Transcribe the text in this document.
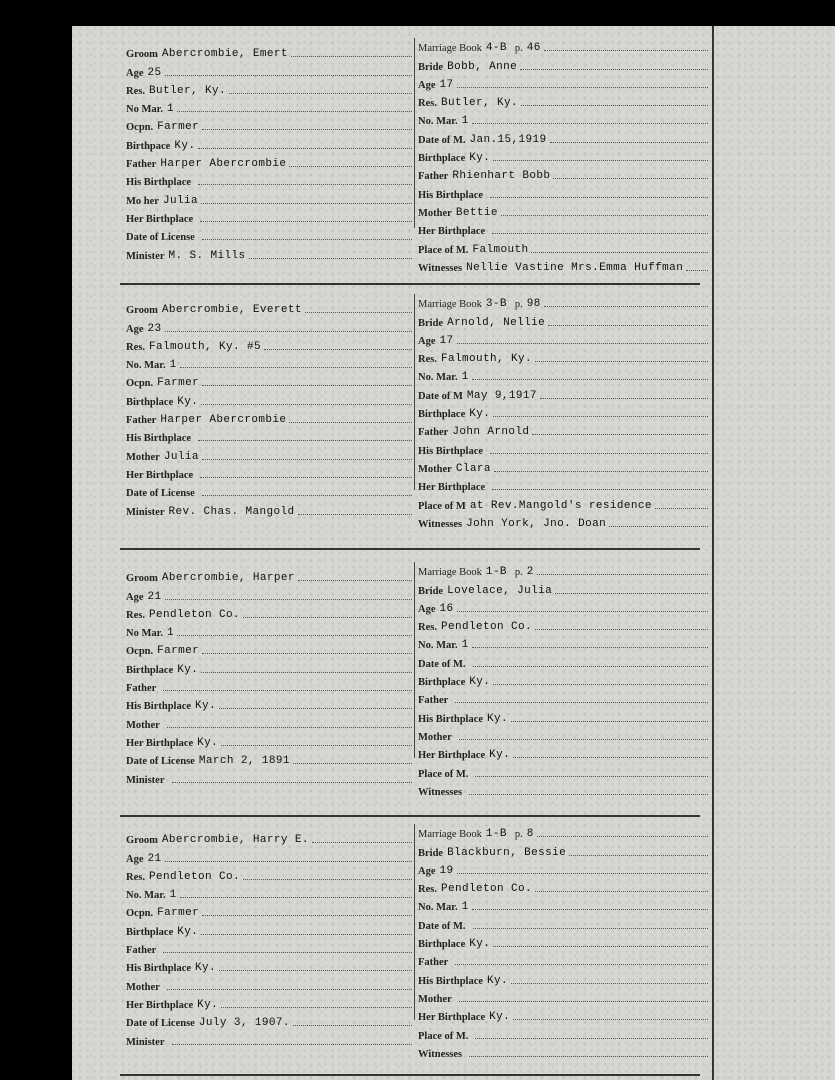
Groom Abercrombie, Emert
Age 25
Res. Butler, Ky.
No Mar. 1
Ocpn. Farmer
Birthpace Ky.
Father Harper Abercrombie
His Birthplace
Mo her Julia
Her Birthplace
Date of License
Minister M. S. Mills
Marriage Book 4-B p. 46
Bride Bobb, Anne
Age 17
Res. Butler, Ky.
No. Mar. 1
Date of M. Jan.15,1919
Birthplace Ky.
Father Rhienhart Bobb
His Birthplace
Mother Bettie
Her Birthplace
Place of M. Falmouth
Witnesses Nellie Vastine Mrs.Emma Huffman
Groom Abercrombie, Everett
Age 23
Res. Falmouth, Ky. #5
No. Mar. 1
Ocpn. Farmer
Birthplace Ky.
Father Harper Abercrombie
His Birthplace
Mother Julia
Her Birthplace
Date of License
Minister Rev. Chas. Mangold
Marriage Book 3-B p. 98
Bride Arnold, Nellie
Age 17
Res. Falmouth, Ky.
No. Mar. 1
Date of M May 9,1917
Birthplace Ky.
Father John Arnold
His Birthplace
Mother Clara
Her Birthplace
Place of M at Rev.Mangold's residence
Witnesses John York, Jno. Doan
Groom Abercrombie, Harper
Age 21
Res. Pendleton Co.
No Mar. 1
Ocpn. Farmer
Birthplace Ky.
Father
His Birthplace Ky.
Mother
Her Birthplace Ky.
Date of License March 2, 1891
Minister
Marriage Book 1-B p. 2
Bride Lovelace, Julia
Age 16
Res. Pendleton Co.
No. Mar. 1
Date of M.
Birthplace Ky.
Father
His Birthplace Ky.
Mother
Her Birthplace Ky.
Place of M.
Witnesses
Groom Abercrombie, Harry E.
Age 21
Res. Pendleton Co.
No. Mar. 1
Ocpn. Farmer
Birthplace Ky.
Father
His Birthplace Ky.
Mother
Her Birthplace Ky.
Date of License July 3, 1907.
Minister
Marriage Book 1-B p. 8
Bride Blackburn, Bessie
Age 19
Res. Pendleton Co.
No. Mar. 1
Date of M.
Birthplace Ky.
Father
His Birthplace Ky.
Mother
Her Birthplace Ky.
Place of M.
Witnesses
